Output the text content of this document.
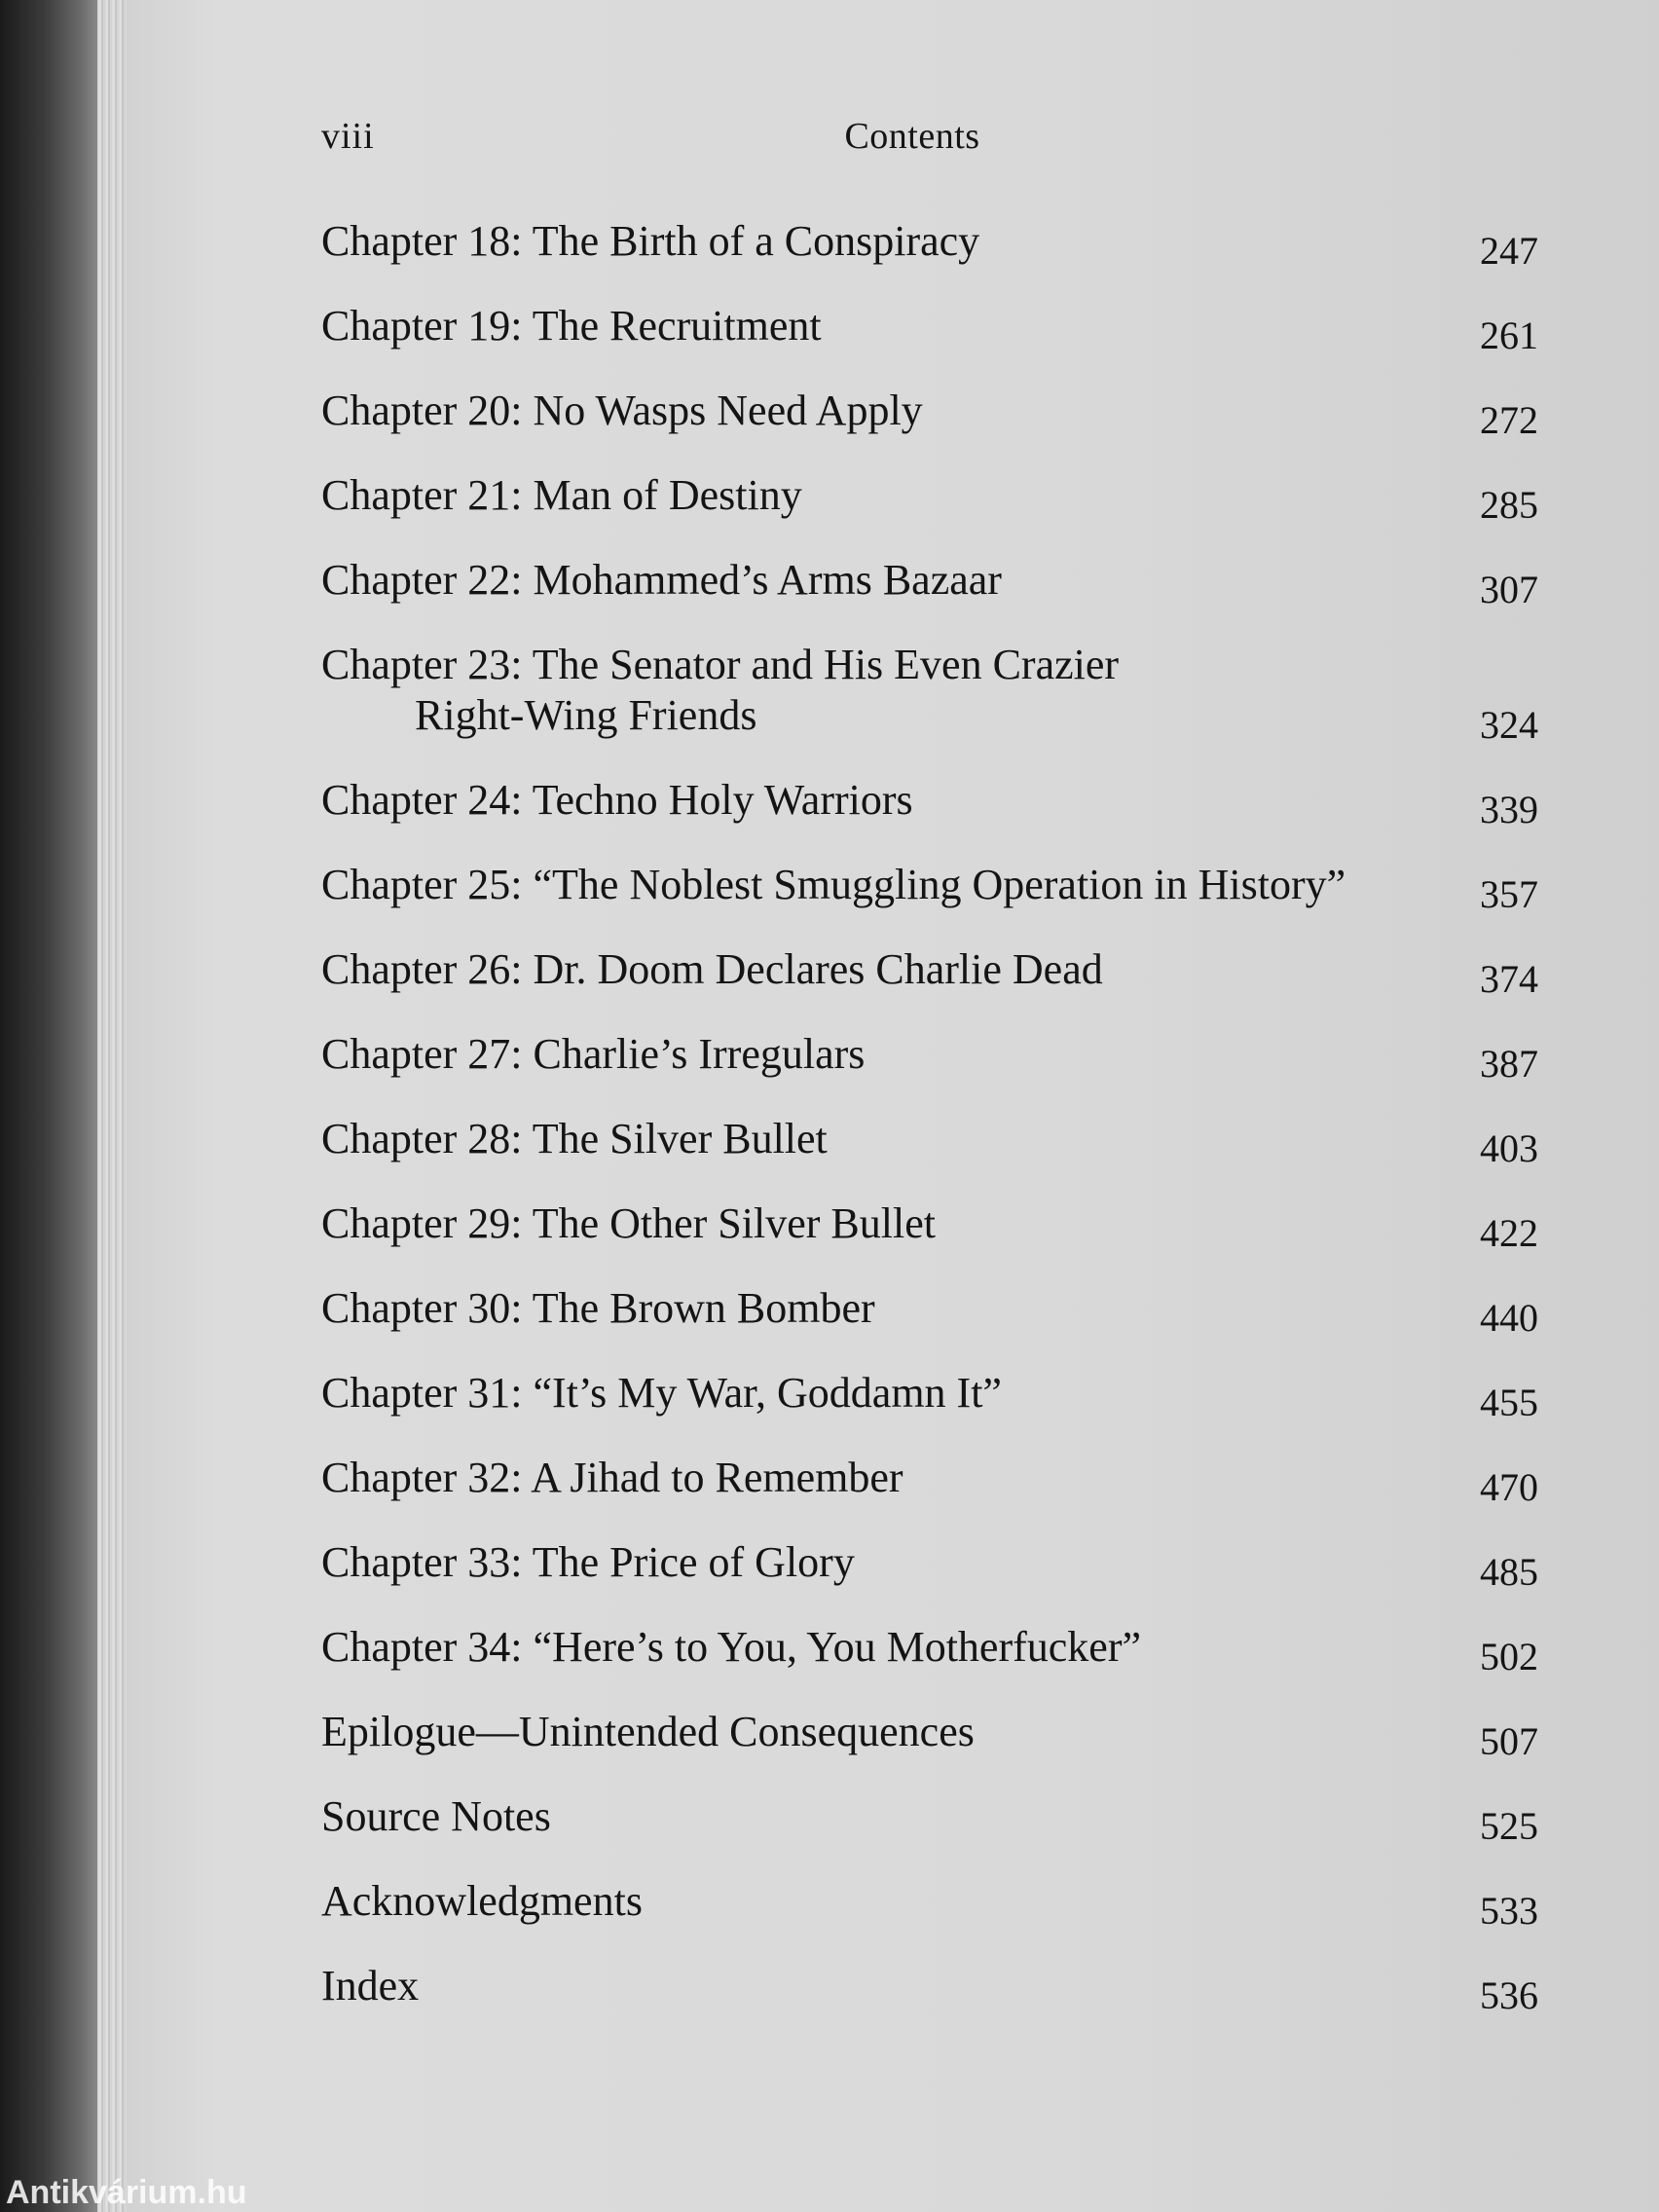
viii	Contents
Chapter 18: The Birth of a Conspiracy	247
Chapter 19: The Recruitment	261
Chapter 20: No Wasps Need Apply	272
Chapter 21: Man of Destiny	285
Chapter 22: Mohammed’s Arms Bazaar	307
Chapter 23: The Senator and His Even Crazier
Right-Wing Friends	324
Chapter 24: Techno Holy Warriors	339
Chapter 25: “The Noblest Smuggling Operation in History”	357
Chapter 26: Dr. Doom Declares Charlie Dead	374
Chapter 27: Charlie’s Irregulars	387
Chapter 28: The Silver Bullet	403
Chapter 29: The Other Silver Bullet	422
Chapter 30: The Brown Bomber	440
Chapter 31: “It’s My War, Goddamn It”	455
Chapter 32: A Jihad to Remember	470
Chapter 33: The Price of Glory	485
Chapter 34: “Here’s to You, You Motherfucker”	502
Epilogue—Unintended Consequences	507
Source Notes	525
Acknowledgments	533
Index	536
Antikvárium.hu
